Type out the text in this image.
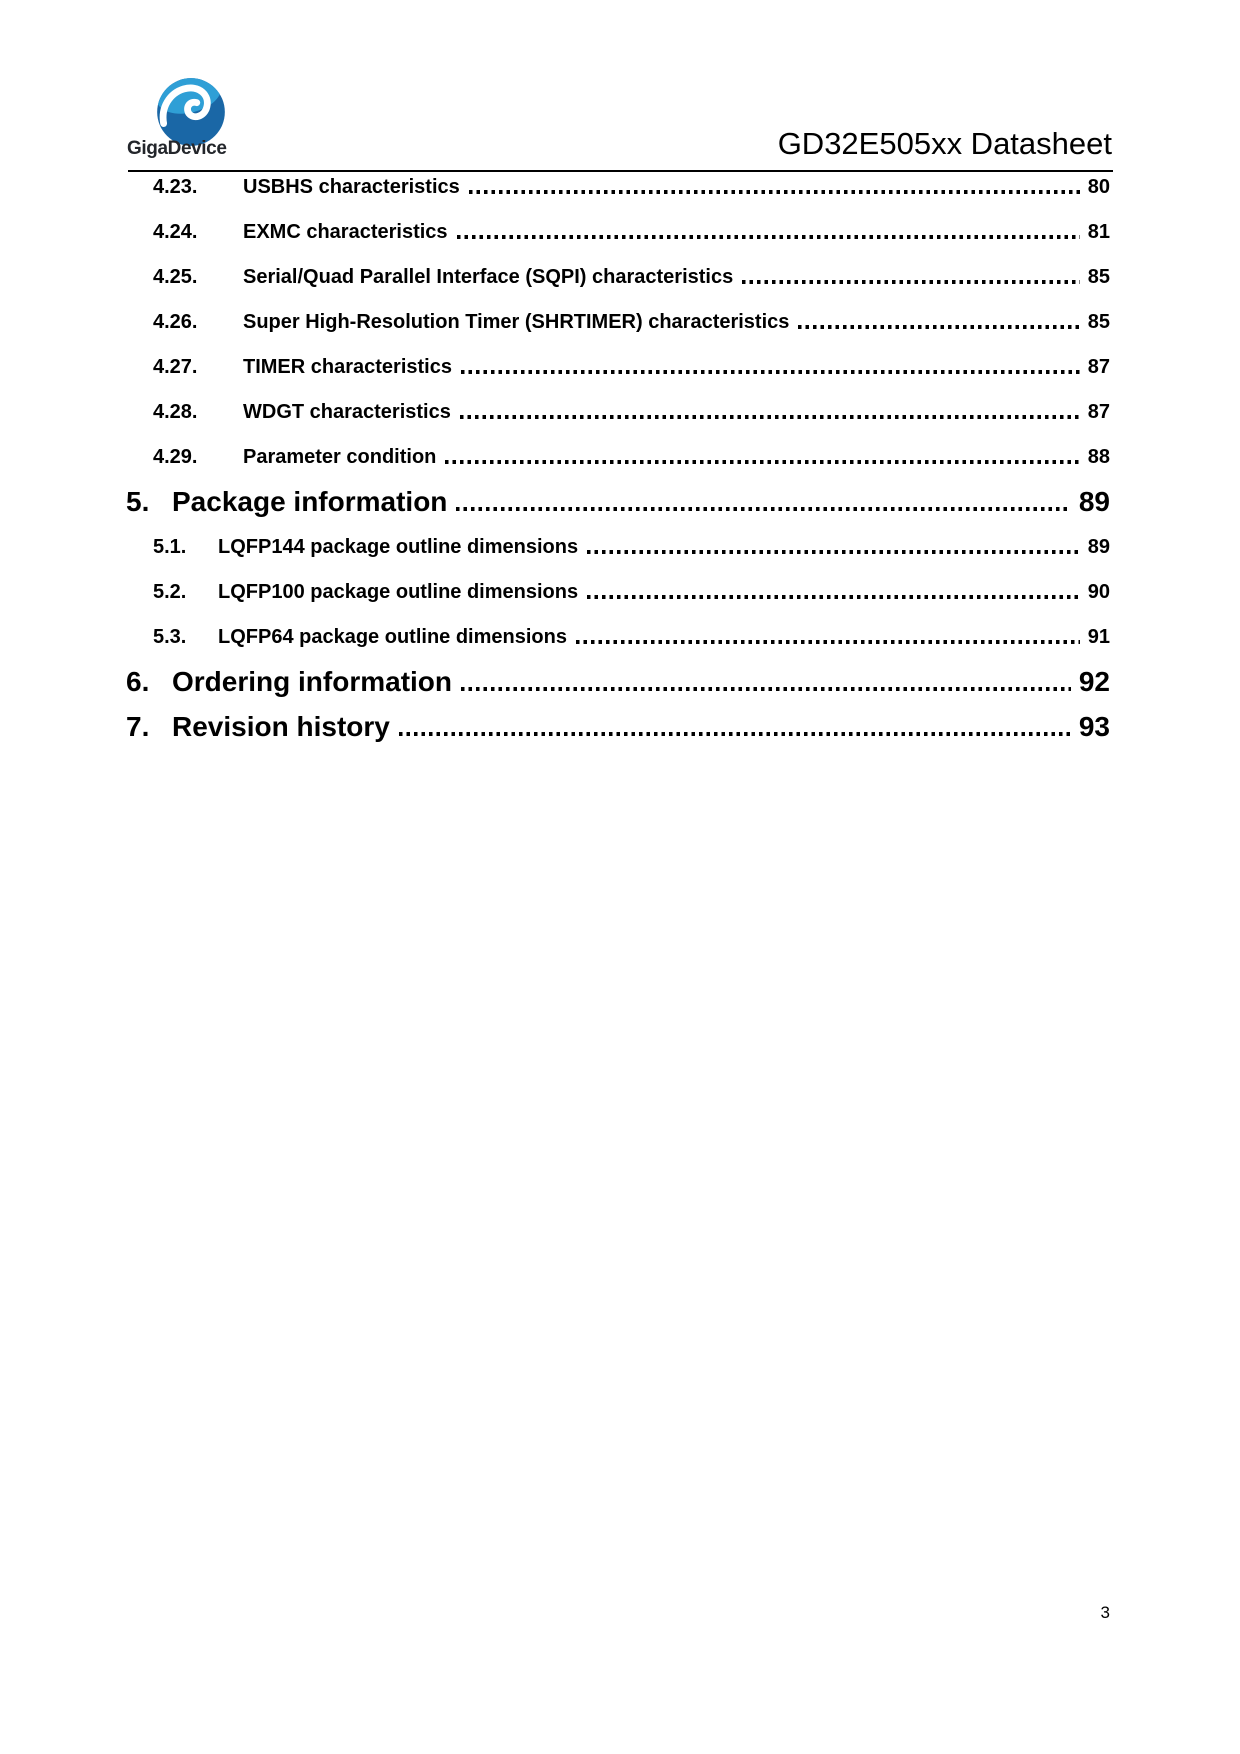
GigaDevice	GD32E505xx Datasheet
4.23.	USBHS characteristics	80
4.24.	EXMC characteristics	81
4.25.	Serial/Quad Parallel Interface (SQPI) characteristics	85
4.26.	Super High-Resolution Timer (SHRTIMER) characteristics	85
4.27.	TIMER characteristics	87
4.28.	WDGT characteristics	87
4.29.	Parameter condition	88
5. Package information	89
5.1.	LQFP144 package outline dimensions	89
5.2.	LQFP100 package outline dimensions	90
5.3.	LQFP64 package outline dimensions	91
6. Ordering information	92
7. Revision history	93
3
